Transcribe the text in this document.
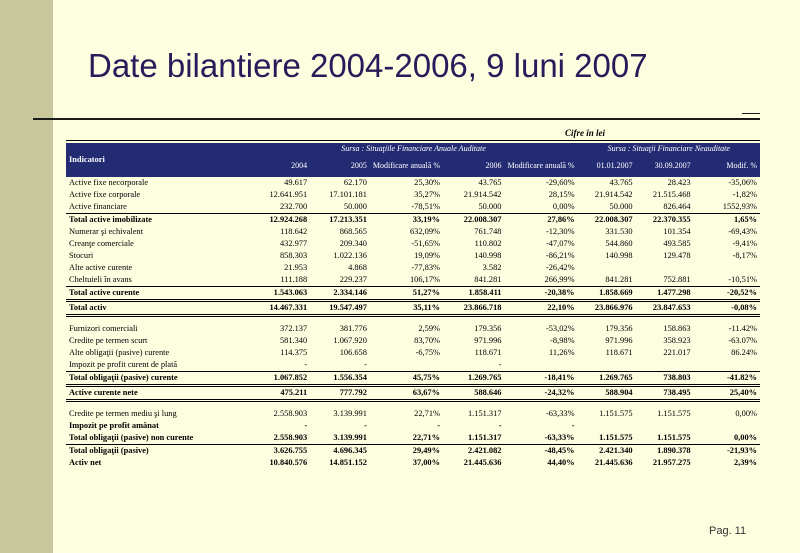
Date bilantiere 2004-2006, 9 luni 2007
Cifre în lei
Indicatori	Sursa : Situaţiile Financiare Anuale Auditate					Sursa : Situaţii Financiare Neauditate		
	2004	2005	Modificare anuală %	2006	Modificare anuală %	01.01.2007	30.09.2007	Modif. %
Active fixe necorporale	49.617	62.170	25,30%	43.765	-29,60%	43.765	28.423	-35,06%
Active fixe corporale	12.641.951	17.101.181	35,27%	21.914.542	28,15%	21.914.542	21.515.468	-1,82%
Active financiare	232.700	50.000	-78,51%	50.000	0,00%	50.000	826.464	1552,93%
Total active imobilizate	12.924.268	17.213.351	33,19%	22.008.307	27,86%	22.008.307	22.370.355	1,65%
Numerar şi echivalent	118.642	868.565	632,09%	761.748	-12,30%	331.530	101.354	-69,43%
Creanţe comerciale	432.977	209.340	-51,65%	110.802	-47,07%	544.860	493.585	-9,41%
Stocuri	858.303	1.022.136	19,09%	140.998	-86,21%	140.998	129.478	-8,17%
Alte active curente	21.953	4.868	-77,83%	3.582	-26,42%			
Cheltuieli în avans	111.188	229.237	106,17%	841.281	266,99%	841.281	752.881	-10,51%
Total active curente	1.543.063	2.334.146	51,27%	1.858.411	-20,38%	1.858.669	1.477.298	-20,52%
Total activ	14.467.331	19.547.497	35,11%	23.866.718	22,10%	23.866.976	23.847.653	-0,08%

Furnizori comerciali	372.137	381.776	2,59%	179.356	-53,02%	179.356	158.863	-11.42%
Credite pe termen scurt	581.340	1.067.920	83,70%	971.996	-8,98%	971.996	358.923	-63.07%
Alte obligaţii (pasive) curente	114.375	106.658	-6,75%	118.671	11,26%	118.671	221.017	86.24%
Impozit pe profit curent de plată	-	-		-				
Total obligaţii (pasive) curente	1.067.852	1.556.354	45,75%	1.269.765	-18,41%	1.269.765	738.803	-41.82%
Active curente nete	475.211	777.792	63,67%	588.646	-24,32%	588.904	738.495	25,40%

Credite pe termen mediu şi lung	2.558.903	3.139.991	22,71%	1.151.317	-63,33%	1.151.575	1.151.575	0,00%
Impozit pe profit amânat	-	-	-	-	-			
Total obligaţii (pasive) non curente	2.558.903	3.139.991	22,71%	1.151.317	-63,33%	1.151.575	1.151.575	0,00%
Total obligaţii (pasive)	3.626.755	4.696.345	29,49%	2.421.082	-48,45%	2.421.340	1.890.378	-21,93%
Activ net	10.840.576	14.851.152	37,00%	21.445.636	44,40%	21.445.636	21.957.275	2,39%
Pag. 11
